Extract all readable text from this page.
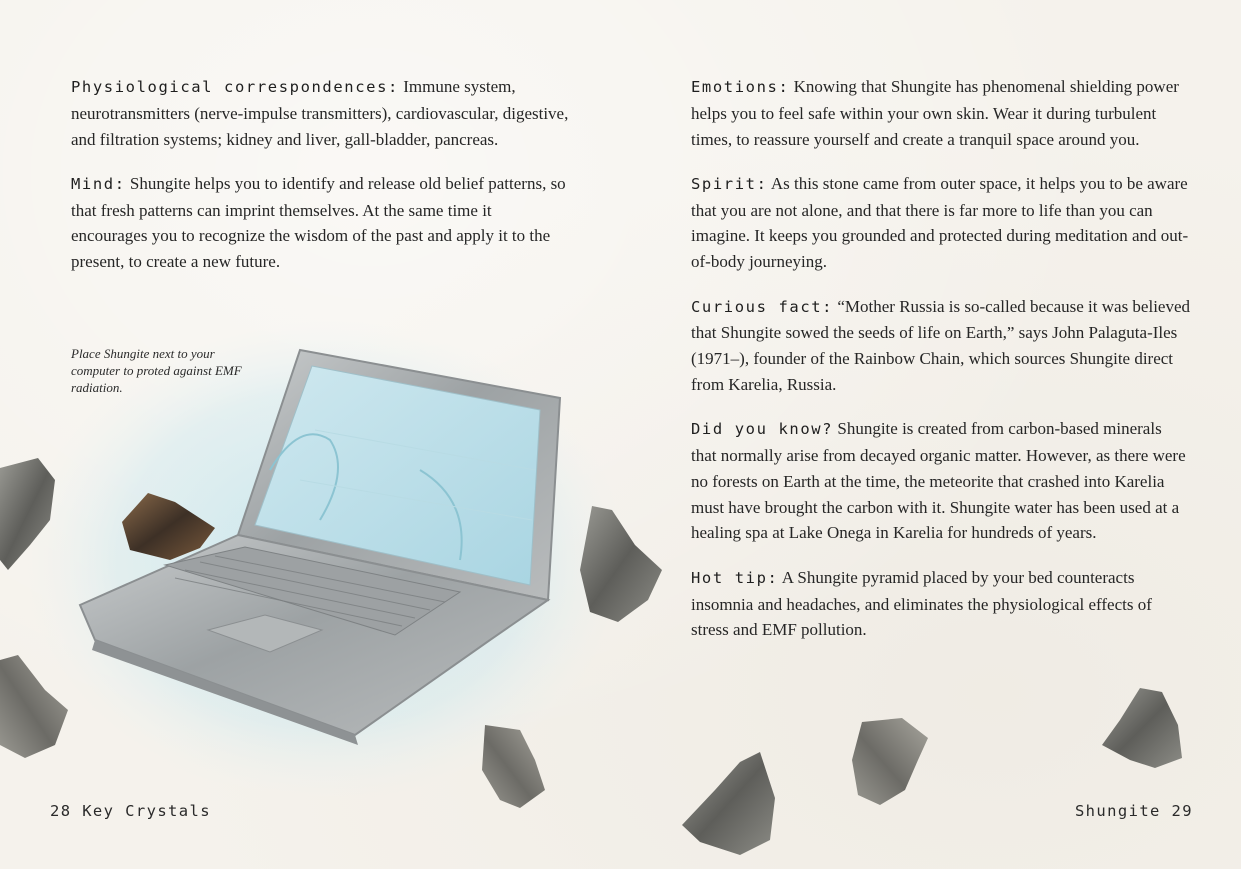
Physiological correspondences: Immune system, neurotransmitters (nerve-impulse transmitters), cardiovascular, digestive, and filtration systems; kidney and liver, gall-bladder, pancreas.

Mind: Shungite helps you to identify and release old belief patterns, so that fresh patterns can imprint themselves. At the same time it encourages you to recognize the wisdom of the past and apply it to the present, to create a new future.

Place Shungite next to your computer to proted against EMF radiation.

Emotions: Knowing that Shungite has phenomenal shielding power helps you to feel safe within your own skin. Wear it during turbulent times, to reassure yourself and create a tranquil space around you.

Spirit: As this stone came from outer space, it helps you to be aware that you are not alone, and that there is far more to life than you can imagine. It keeps you grounded and protected during meditation and out-of-body journeying.

Curious fact: “Mother Russia is so-called because it was believed that Shungite sowed the seeds of life on Earth,” says John Palaguta-Iles (1971–), founder of the Rainbow Chain, which sources Shungite direct from Karelia, Russia.

Did you know? Shungite is created from carbon-based minerals that normally arise from decayed organic matter. However, as there were no forests on Earth at the time, the meteorite that crashed into Karelia must have brought the carbon with it. Shungite water has been used at a healing spa at Lake Onega in Karelia for hundreds of years.

Hot tip: A Shungite pyramid placed by your bed counteracts insomnia and headaches, and eliminates the physiological effects of stress and EMF pollution.

28 Key Crystals	Shungite 29
